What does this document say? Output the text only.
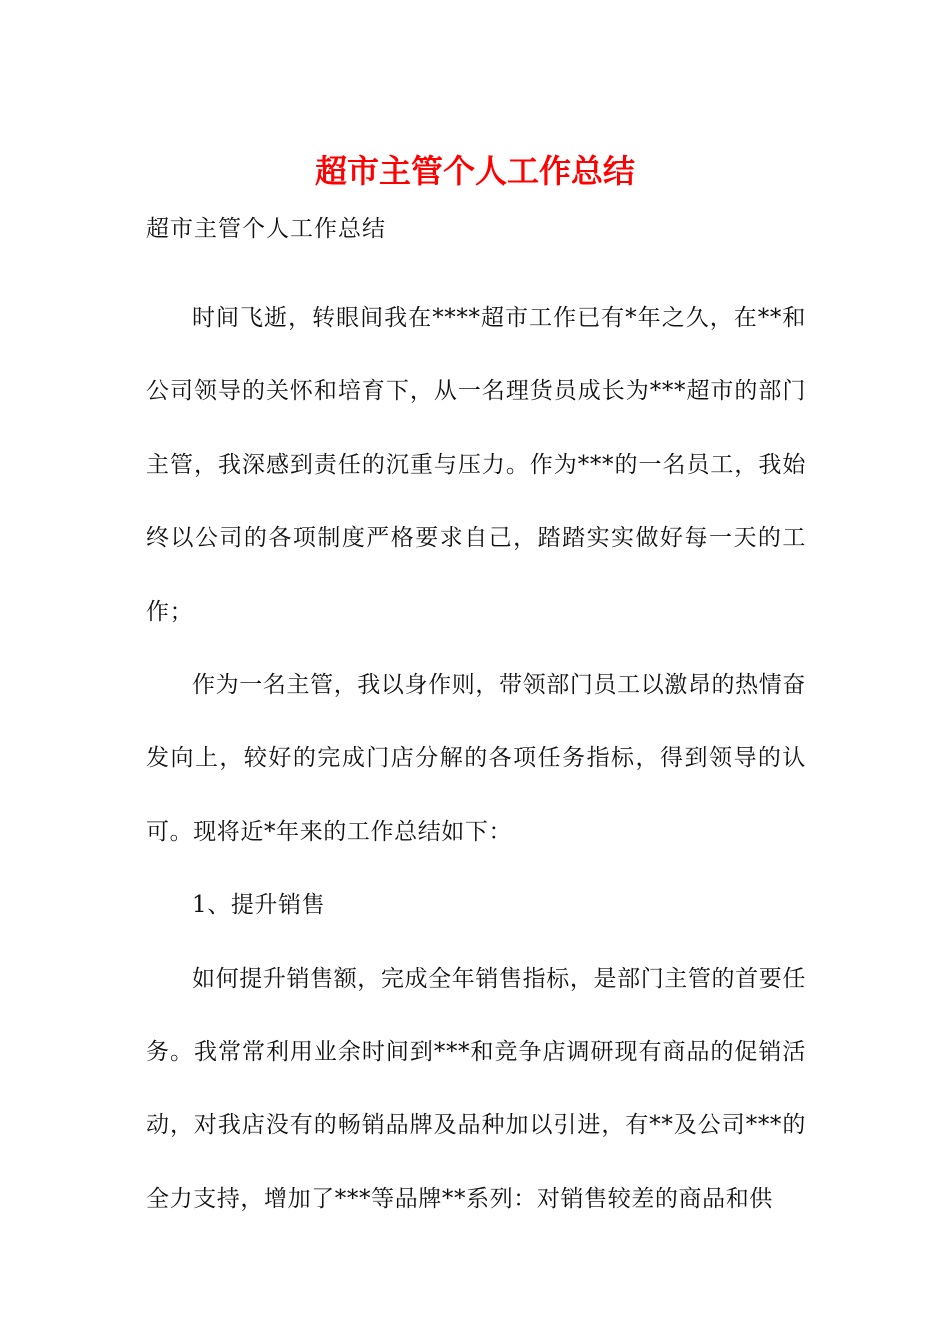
超市主管个人工作总结
超市主管个人工作总结

时间飞逝，转眼间我在****超市工作已有*年之久，在**和公司领导的关怀和培育下，从一名理货员成长为***超市的部门主管，我深感到责任的沉重与压力。作为***的一名员工，我始终以公司的各项制度严格要求自己，踏踏实实做好每一天的工作；

作为一名主管，我以身作则，带领部门员工以激昂的热情奋发向上，较好的完成门店分解的各项任务指标，得到领导的认可。现将近*年来的工作总结如下：

1、提升销售

如何提升销售额，完成全年销售指标，是部门主管的首要任务。我常常利用业余时间到***和竞争店调研现有商品的促销活动，对我店没有的畅销品牌及品种加以引进，有**及公司***的全力支持，增加了***等品牌**系列：对销售较差的商品和供
